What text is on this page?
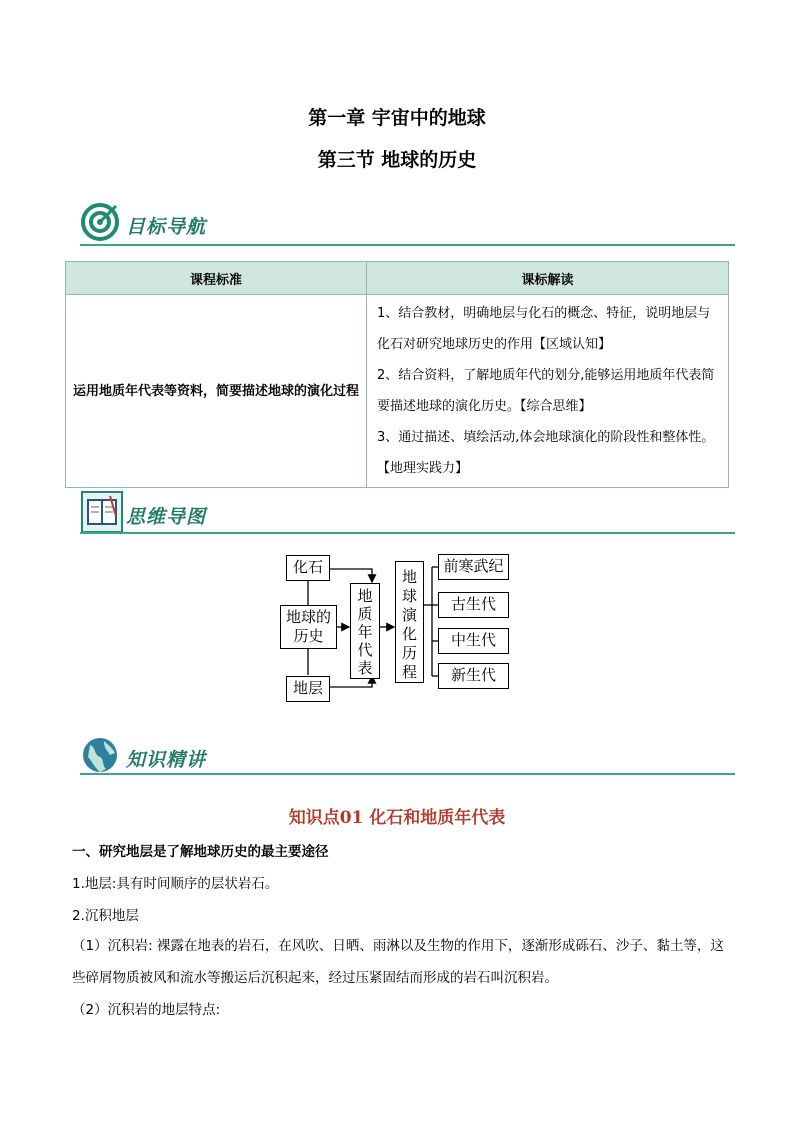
第一章 宇宙中的地球
第三节 地球的历史
目标导航
课程标准	课标解读
运用地质年代表等资料，简要描述地球的演化过程	1、结合教材，明确地层与化石的概念、特征，说明地层与化石对研究地球历史的作用【区域认知】
2、结合资料，了解地质年代的划分,能够运用地质年代表简要描述地球的演化历史。【综合思维】
3、通过描述、填绘活动,体会地球演化的阶段性和整体性。【地理实践力】
思维导图
化石
地球的历史
地层
地质年代表
地球演化历程
前寒武纪
古生代
中生代
新生代
知识精讲
知识点01 化石和地质年代表
一、研究地层是了解地球历史的最主要途径
1.地层:具有时间顺序的层状岩石。
2.沉积地层
（1）沉积岩: 裸露在地表的岩石，在风吹、日晒、雨淋以及生物的作用下，逐渐形成砾石、沙子、黏土等，这些碎屑物质被风和流水等搬运后沉积起来，经过压紧固结而形成的岩石叫沉积岩。
（2）沉积岩的地层特点:
